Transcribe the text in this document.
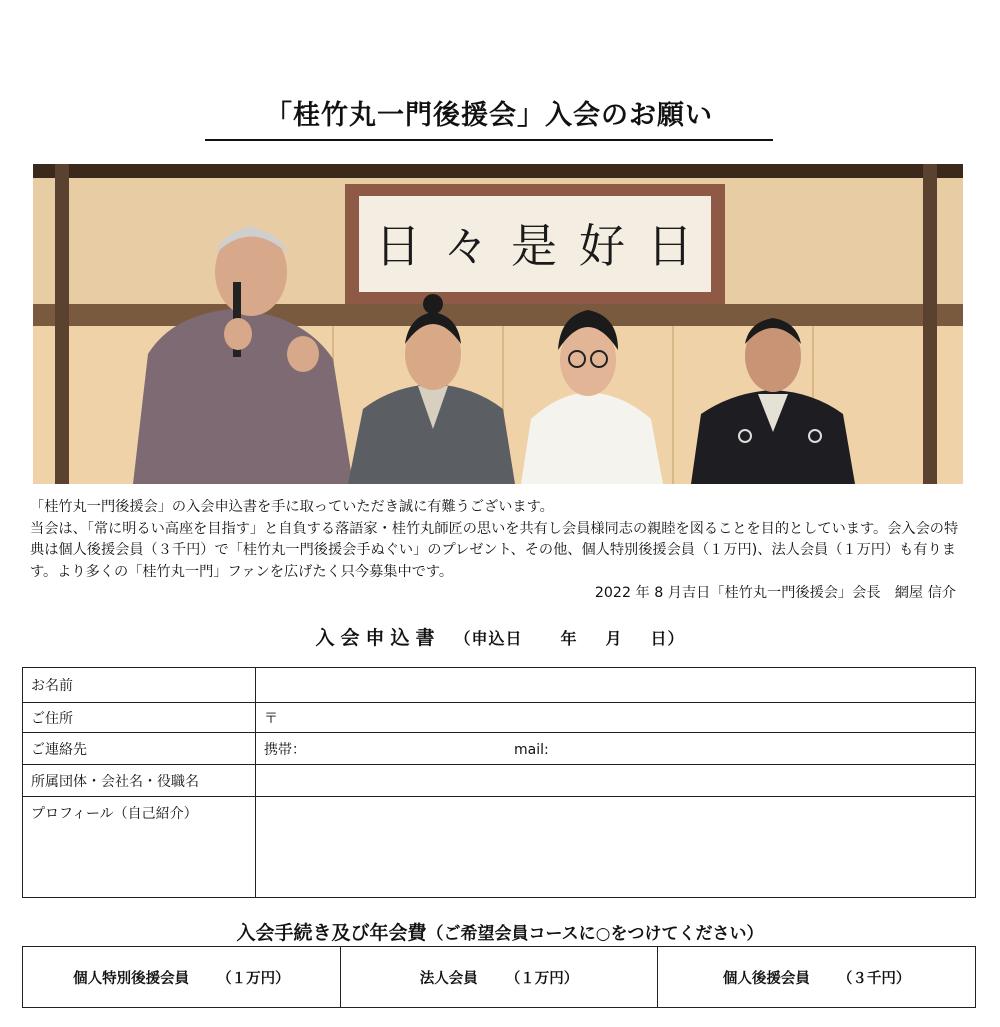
「桂竹丸一門後援会」入会のお願い
日々是好日

「桂竹丸一門後援会」の入会申込書を手に取っていただき誠に有難うございます。

当会は、「常に明るい高座を目指す」と自負する落語家・桂竹丸師匠の思いを共有し会員様同志の親睦を図ることを目的としています。会入会の特典は個人後援会員（３千円）で「桂竹丸一門後援会手ぬぐい」のプレゼント、その他、個人特別後援会員（１万円)、法人会員（１万円）も有ります。より多くの「桂竹丸一門」ファンを広げたく只今募集中です。

2022 年 8 月吉日「桂竹丸一門後援会」会長　網屋 信介

入会申込書 （申込日 年 月 日）
お名前	
ご住所	〒
ご連絡先	携帯： mail:
所属団体・会社名・役職名	
プロフィール（自己紹介）	
入会手続き及び年会費（ご希望会員コースに○をつけてください）
個人特別後援会員 （１万円）	法人会員 （１万円）	個人後援会員 （３千円）
